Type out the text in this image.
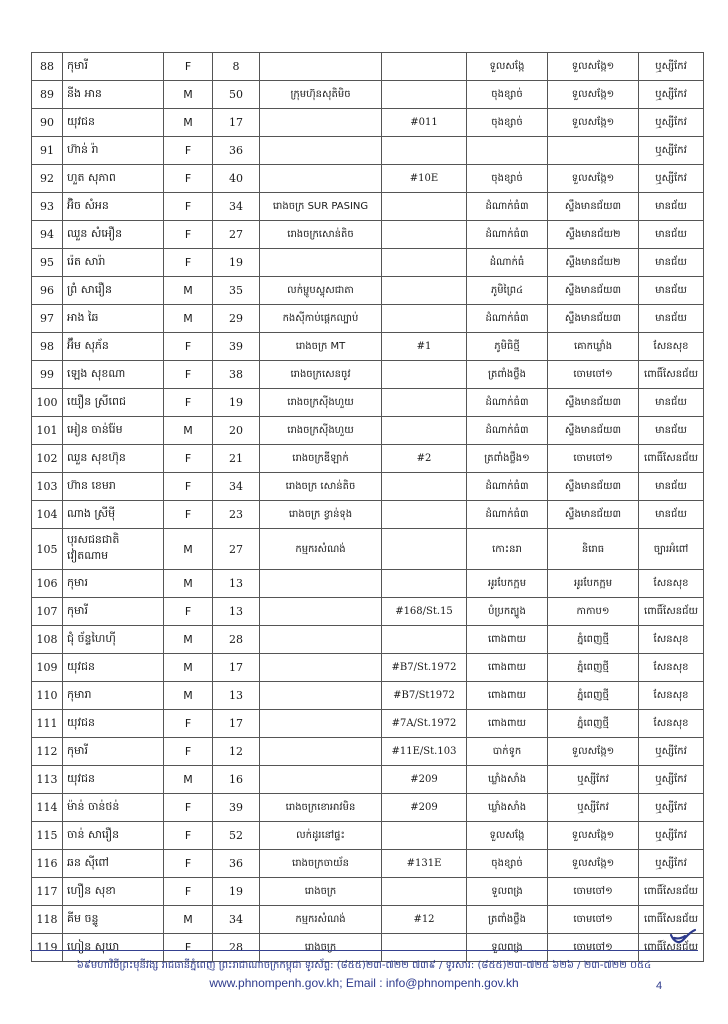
88	កុមារី	F	8			ទួលសង្កែ	ទួលសង្កែ១	ឬស្សីកែវ
89	នីង អាន	M	50	ក្រុមហ៊ុនសុតិមិច		ចុងខ្សាច់	ទួលសង្កែ១	ឬស្សីកែវ
90	យុវជន	M	17		#011	ចុងខ្សាច់	ទួលសង្កែ១	ឬស្សីកែវ
91	ហ៊ាន់ រ៉ា	F	36					ឬស្សីកែវ
92	ហួត សុភាព	F	40		#10E	ចុងខ្សាច់	ទួលសង្កែ១	ឬស្សីកែវ
93	អ៊ិច សំអន	F	34	រោងចក្រ SUR PASING		ដំណាក់ធំ៣	ស្ទឹងមានជ័យ៣	មានជ័យ
94	ឈួន សំអឿន	F	27	រោងចក្រសោន់តិច		ដំណាក់ធំ៣	ស្ទឹងមានជ័យ២	មានជ័យ
95	រ៉េត សារ៉ា	F	19			ដំណាក់ធំ	ស្ទឹងមានជ័យ២	មានជ័យ
96	ព្រំ សារឿន	M	35	លក់ម្ហូបស្ទុសជាតា		ភូមិព្រៃ៤	ស្ទឹងមានជ័យ៣	មានជ័យ
97	អាង ឆៃ	M	29	កងស៊ីកាប់ផ្តេកល្បាប់		ដំណាក់ធំ៣	ស្ទឹងមានជ័យ៣	មានជ័យ
98	អ៊ឹម សុភ័ន	F	39	រោងចក្រ MT	#1	ភូមិធិថ្មី	គោកឃ្លាំង	សែនសុខ
99	ឡេង សុខណា	F	38	រោងចក្រសេនចូវ		ត្រពាំងថ្លឹង	ចោមចៅ១	ពោធិ៍សែនជ័យ
100	យឿន ស្រីពេជ	F	19	រោងចក្រស៊ីងហួយ		ដំណាក់ធំ៣	ស្ទឹងមានជ័យ៣	មានជ័យ
101	អៀន ចាន់រ៉ែម	M	20	រោងចក្រស៊ីងហួយ		ដំណាក់ធំ៣	ស្ទឹងមានជ័យ៣	មានជ័យ
102	ឈួន សុខហ៊ុន	F	21	រោងចក្រឌីឡាក់	#2	ត្រពាំងថ្លឹង១	ចោមចៅ១	ពោធិ៍សែនជ័យ
103	ហ៊ាន ខេមរា	F	34	រោងចក្រ សោន់តិច		ដំណាក់ធំ៣	ស្ទឹងមានជ័យ៣	មានជ័យ
104	ណាង ស្រីម៉ី	F	23	រោងចក្រ ខ្វាន់ទុង		ដំណាក់ធំ៣	ស្ទឹងមានជ័យ៣	មានជ័យ
105	បុរសជនជាតិ វៀតណាម	M	27	កម្មករសំណង់		កោះនរា	និរោធ	ច្បារអំពៅ
106	កុមារ	M	13			អូរបែកក្អម	អូរបែកក្អម	សែនសុខ
107	កុមារី	F	13		#168/St.15	បំប្រកត្បូង	កាកាប១	ពោធិ៍សែនជ័យ
108	ជុំ ច័ន្ទហៃហ៊ី	M	28			ពោងពាយ	ភ្នំពេញថ្មី	សែនសុខ
109	យុវជន	M	17		#B7/St.1972	ពោងពាយ	ភ្នំពេញថ្មី	សែនសុខ
110	កុមារា	M	13		#B7/St1972	ពោងពាយ	ភ្នំពេញថ្មី	សែនសុខ
111	យុវជន	F	17		#7A/St.1972	ពោងពាយ	ភ្នំពេញថ្មី	សែនសុខ
112	កុមារី	F	12		#11E/St.103	បាក់ទូក	ទួលសង្កែ១	ឬស្សីកែវ
113	យុវជន	M	16		#209	ឃ្លាំងសាំង	ឬស្សីកែវ	ឬស្សីកែវ
114	ម៉ាន់ ចាន់ថន់	F	39	រោងចក្រខោអាវមិន	#209	ឃ្លាំងសាំង	ឬស្សីកែវ	ឬស្សីកែវ
115	ចាន់ សារឿន	F	52	លក់ដូរនៅផ្ទះ		ទួលសង្កែ	ទួលសង្កែ១	ឬស្សីកែវ
116	ឆន ស៊ីពៅ	F	36	រោងចក្រចាយ័ន	#131E	ចុងខ្សាច់	ទួលសង្កែ១	ឬស្សីកែវ
117	ហឿន សុខា	F	19	រោងចក្រ		ទួលពង្រ	ចោមចៅ១	ពោធិ៍សែនជ័យ
118	គីម ចន្ទូ	M	34	កម្មករសំណង់	#12	ត្រពាំងថ្លឹង	ចោមចៅ១	ពោធិ៍សែនជ័យ
119	ហៀន សុឃា	F	28	រោងចក្រ		ទួលពង្រ	ចោមចៅ១	ពោធិ៍សែនជ័យ
៦៩មហាវិថីព្រះមុនីវង្ស រាជធានីភ្នំពេញ ព្រះរាជាណាចក្រកម្ពុជា ទូរស័ព្ទ: (៨៥៥)២៣-៧២២ ៧៣៩ / ទូរសារ: (៨៥៥)២៣-៧២៥ ៦២៦ / ២៣-៧២២ ០៥៤
www.phnompenh.gov.kh; Email : info@phnompenh.gov.kh	4
